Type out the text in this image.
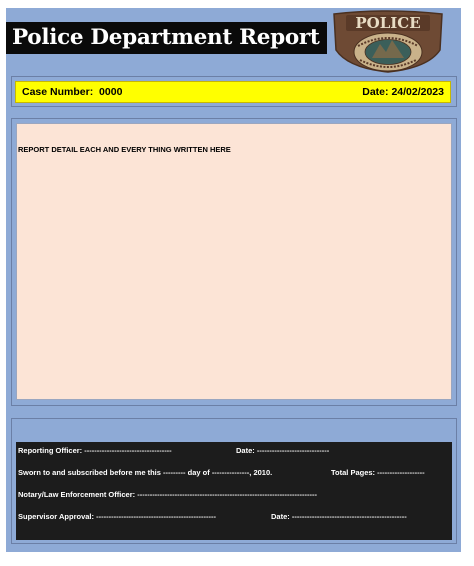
Police Department Report
POLICE
Case Number: 0000	Date: 24/02/2023
REPORT DETAIL EACH AND EVERY THING WRITTEN HERE
Reporting Officer: -----------------------------------	Date: -----------------------------
Sworn to and subscribed before me this --------- day of ---------------, 2010.	Total Pages: -------------------
Notary/Law Enforcement Officer: ------------------------------------------------------------------------
Supervisor Approval: ------------------------------------------------	Date: ----------------------------------------------
